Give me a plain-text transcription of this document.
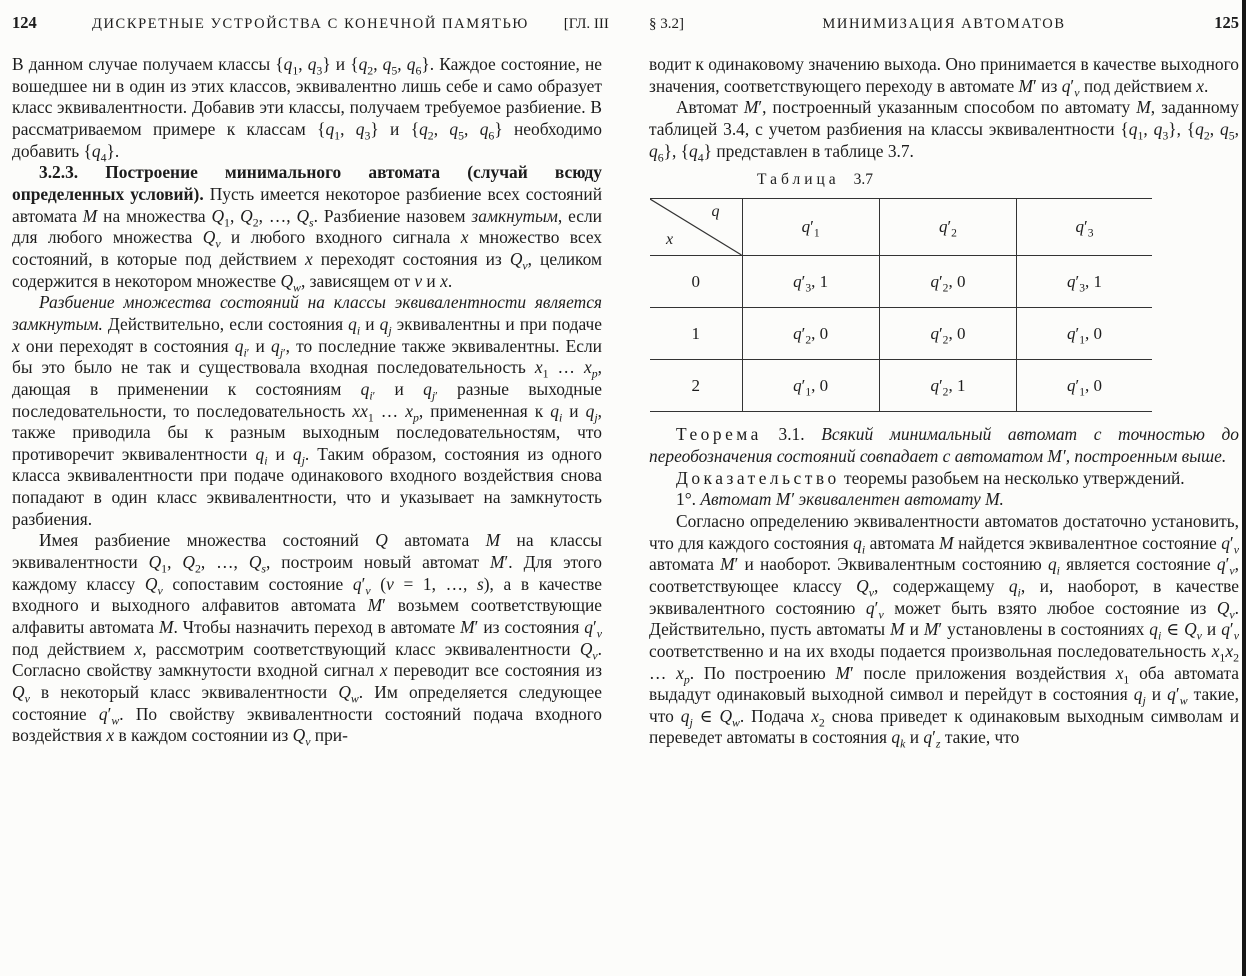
124	ДИСКРЕТНЫЕ УСТРОЙСТВА С КОНЕЧНОЙ ПАМЯТЬЮ	[ГЛ. III

В данном случае получаем классы {$q_1$, $q_3$} и {$q_2$, $q_5$, $q_6$}. Каждое состояние, не вошедшее ни в один из этих классов, эквивалентно лишь себе и само образует класс эквивалентности. Добавив эти классы, получаем требуемое разбиение. В рассматриваемом примере к классам {$q_1$, $q_3$} и {$q_2$, $q_5$, $q_6$} необходимо добавить $\{q_4\}$.

3.2.3. Построение минимального автомата (случай всюду определенных условий). Пусть имеется некоторое разбиение всех состояний автомата M на множества $Q_1$, $Q_2$, …, $Q_s$. Разбиение назовем замкнутым, если для любого множества $Q_v$ и любого входного сигнала x множество всех состояний, в которые под действием x переходят состояния из $Q_v$, целиком содержится в некотором множестве $Q_w$, зависящем от v и x.

Разбиение множества состояний на классы эквивалентности является замкнутым. Действительно, если состояния $q_i$ и $q_j$ эквивалентны и при подаче x они переходят в состояния $q_{i'}$ и $q_{j'}$, то последние также эквивалентны. Если бы это было не так и существовала входная последовательность $x_1$ … $x_p$, дающая в применении к состояниям $q_{i'}$ и $q_{j'}$ разные выходные последовательности, то последовательность $xx_1$ … $x_p$, примененная к $q_i$ и $q_j$, также приводила бы к разным выходным последовательностям, что противоречит эквивалентности $q_i$ и $q_j$. Таким образом, состояния из одного класса эквивалентности при подаче одинакового входного воздействия снова попадают в один класс эквивалентности, что и указывает на замкнутость разбиения.

Имея разбиение множества состояний Q автомата M на классы эквивалентности $Q_1$, $Q_2$, …, $Q_s$, построим новый автомат M′. Для этого каждому классу $Q_v$ сопоставим состояние $q'_v$ (v = 1, …, s), а в качестве входного и выходного алфавитов автомата M′ возьмем соответствующие алфавиты автомата M. Чтобы назначить переход в автомате M′ из состояния $q'_v$ под действием x, рассмотрим соответствующий класс эквивалентности $Q_v$. Согласно свойству замкнутости входной сигнал x переводит все состояния из $Q_v$ в некоторый класс эквивалентности $Q_w$. Им определяется следующее состояние $q'_w$. По свойству эквивалентности состояний подача входного воздействия x в каждом состоянии из $Q_v$ при-

§ 3.2]	МИНИМИЗАЦИЯ АВТОМАТОВ	125

водит к одинаковому значению выхода. Оно принимается в качестве выходного значения, соответствующего переходу в автомате M′ из $q'_v$ под действием x.

Автомат M′, построенный указанным способом по автомату M, заданному таблицей 3.4, с учетом разбиения на классы эквивалентности {$q_1$, $q_3$}, {$q_2$, $q_5$, $q_6$}, $\{q_4\}$ представлен в таблице 3.7.

Таблица 3.7
q
x	$q'_1$	$q'_2$	$q'_3$
0	$q'_3$, 1	$q'_2$, 0	$q'_3$, 1
1	$q'_2$, 0	$q'_2$, 0	$q'_1$, 0
2	$q'_1$, 0	$q'_2$, 1	$q'_1$, 0

Теорема 3.1. Всякий минимальный автомат с точностью до переобозначения состояний совпадает с автоматом M′, построенным выше.

Доказательство теоремы разобьем на несколько утверждений.

1°. Автомат M′ эквивалентен автомату M.

Согласно определению эквивалентности автоматов достаточно установить, что для каждого состояния $q_i$ автомата M найдется эквивалентное состояние $q'_v$ автомата M′ и наоборот. Эквивалентным состоянию $q_i$ является состояние $q'_v$, соответствующее классу $Q_v$, содержащему $q_i$, и, наоборот, в качестве эквивалентного состоянию $q'_v$ может быть взято любое состояние из $Q_v$. Действительно, пусть автоматы M и M′ установлены в состояниях $q_i$ ∈ $Q_v$ и $q'_v$ соответственно и на их входы подается произвольная последовательность $x_1x_2$ … $x_p$. По построению M′ после приложения воздействия $x_1$ оба автомата выдадут одинаковый выходной символ и перейдут в состояния $q_j$ и $q'_w$ такие, что $q_j$ ∈ $Q_w$. Подача $x_2$ снова приведет к одинаковым выходным символам и переведет автоматы в состояния $q_k$ и $q'_z$ такие, что
